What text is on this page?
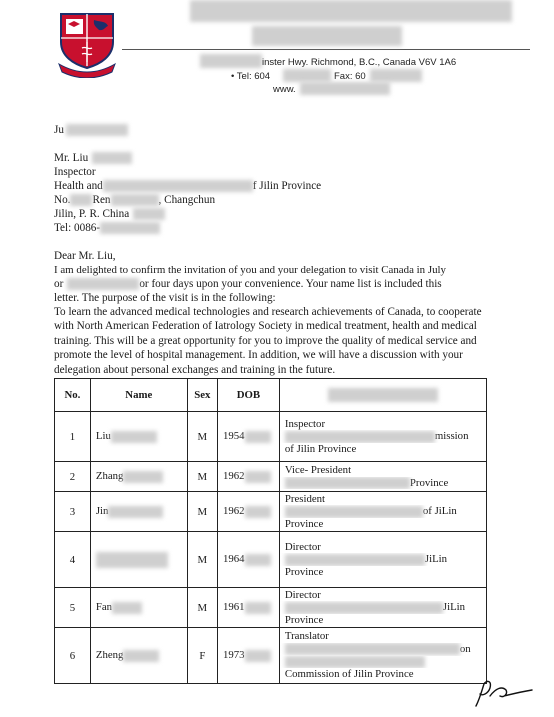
inster Hwy. Richmond, B.C., Canada V6V 1A6
• Tel: 604	Fax: 60
www.
Ju
Mr. Liu
Inspector
Health and	f Jilin Province
No. Ren	, Changchun
Jilin, P. R. China
Tel: 0086-
Dear Mr. Liu,
I am delighted to confirm the invitation of you and your delegation to visit Canada in July
or	or four days upon your convenience. Your name list is included this
letter. The purpose of the visit is in the following:
To learn the advanced medical technologies and research achievements of Canada, to cooperate with North American Federation of Iatrology Society in medical treatment, health and medical training. This will be a great opportunity for you to improve the quality of medical service and promote the level of hospital management. In addition, we will have a discussion with your delegation about personal exchanges and training in the future.
No.	Name	Sex	DOB	
1	Liu	M	1954	Inspector
mission
of Jilin Province

2	Zhang	M	1962	Vice- President
Province

3	Jin	M	1962	President
of JiLin
Province

4		M	1964	Director
JiLin
Province

5	Fan	M	1961	Director
JiLin
Province

6	Zheng	F	1973	Translator
on
Commission of Jilin Province
